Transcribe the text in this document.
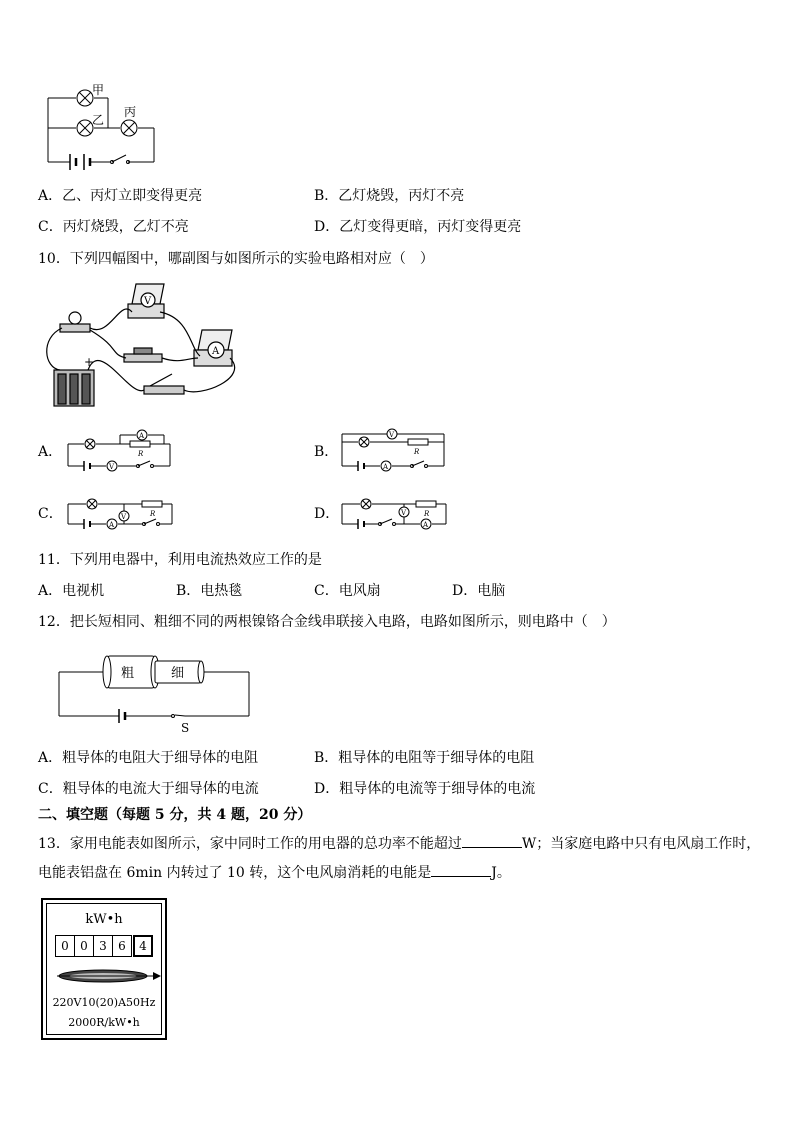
甲
乙
丙
A．乙、丙灯立即变得更亮	B．乙灯烧毁，丙灯不亮
C．丙灯烧毁，乙灯不亮	D．乙灯变得更暗，丙灯变得更亮
10．下列四幅图中，哪副图与如图所示的实验电路相对应（　）
V
A
+
A．
A
R
V
B．
V
R
A
C．	R
V
A
D．	R
V
A
11．下列用电器中，利用电流热效应工作的是
A．电视机	B．电热毯	C．电风扇	D．电脑
12．把长短相同、粗细不同的两根镍铬合金线串联接入电路，电路如图所示，则电路中（　）
粗	细
S
A．粗导体的电阻大于细导体的电阻	B．粗导体的电阻等于细导体的电阻
C．粗导体的电流大于细导体的电流	D．粗导体的电流等于细导体的电流
二、填空题（每题 5 分，共 4 题，20 分）
13．家用电能表如图所示，家中同时工作的用电器的总功率不能超过	W；当家庭电路中只有电风扇工作时，
电能表铝盘在 6min 内转过了 10 转，这个电风扇消耗的电能是	J。
kW•h
0 0 3 6	4
220V10(20)A50Hz
2000R/kW•h
